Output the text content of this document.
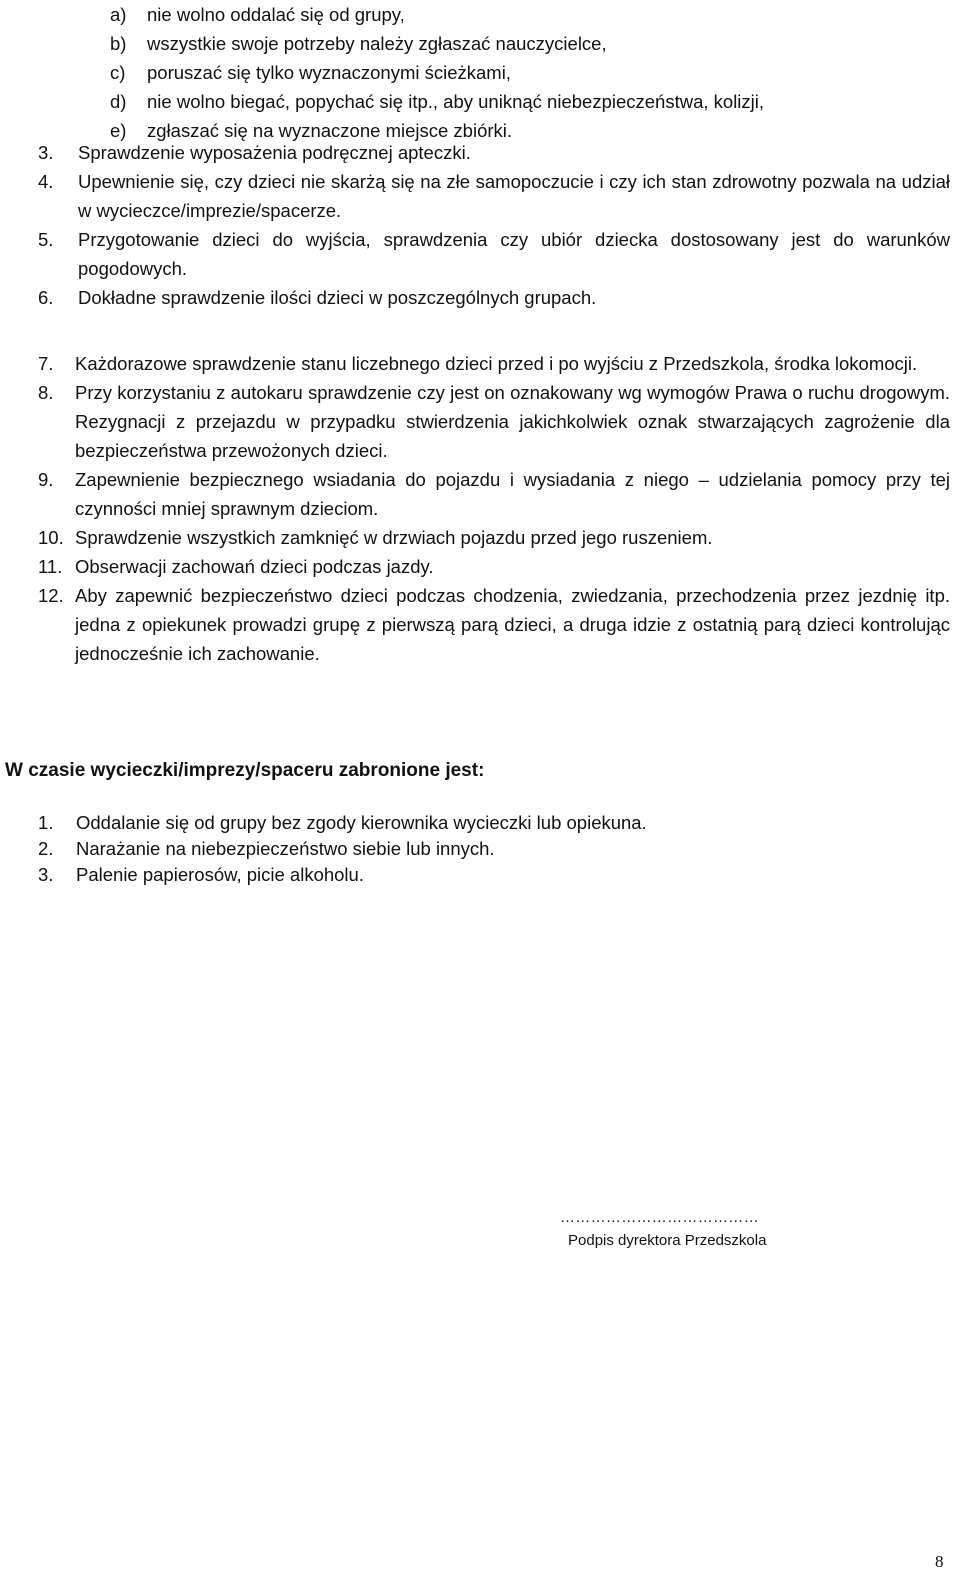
a)	nie wolno oddalać się od grupy,
b)	wszystkie swoje potrzeby należy zgłaszać nauczycielce,
c)	poruszać się tylko wyznaczonymi ścieżkami,
d)	nie wolno biegać, popychać się itp., aby uniknąć niebezpieczeństwa, kolizji,
e)	zgłaszać się na wyznaczone miejsce zbiórki.
3.	Sprawdzenie wyposażenia podręcznej apteczki.
4.	Upewnienie się, czy dzieci nie skarżą się na złe samopoczucie i czy ich stan zdrowotny pozwala na udział w wycieczce/imprezie/spacerze.
5.	Przygotowanie dzieci do wyjścia, sprawdzenia czy ubiór dziecka dostosowany jest do warunków pogodowych.
6.	Dokładne sprawdzenie ilości dzieci w poszczególnych grupach.
7.	Każdorazowe sprawdzenie stanu liczebnego dzieci przed i po wyjściu z Przedszkola, środka lokomocji.
8.	Przy korzystaniu z autokaru sprawdzenie czy jest on oznakowany wg wymogów Prawa o ruchu drogowym. Rezygnacji z przejazdu w przypadku stwierdzenia jakichkolwiek oznak stwarzających zagrożenie dla bezpieczeństwa przewożonych dzieci.
9.	Zapewnienie bezpiecznego wsiadania do pojazdu i wysiadania z niego – udzielania pomocy przy tej czynności mniej sprawnym dzieciom.
10. Sprawdzenie wszystkich zamknięć w drzwiach pojazdu przed jego ruszeniem.
11. Obserwacji zachowań dzieci podczas jazdy.
12. Aby zapewnić bezpieczeństwo dzieci podczas chodzenia, zwiedzania, przechodzenia przez jezdnię itp. jedna z opiekunek prowadzi grupę z pierwszą parą dzieci, a druga idzie z ostatnią parą dzieci kontrolując jednocześnie ich zachowanie.
W czasie wycieczki/imprezy/spaceru zabronione jest:
1.	Oddalanie się od grupy bez zgody kierownika wycieczki lub opiekuna.
2.	Narażanie na niebezpieczeństwo siebie lub innych.
3.	Palenie papierosów, picie alkoholu.
…………………………………
Podpis dyrektora Przedszkola
8
